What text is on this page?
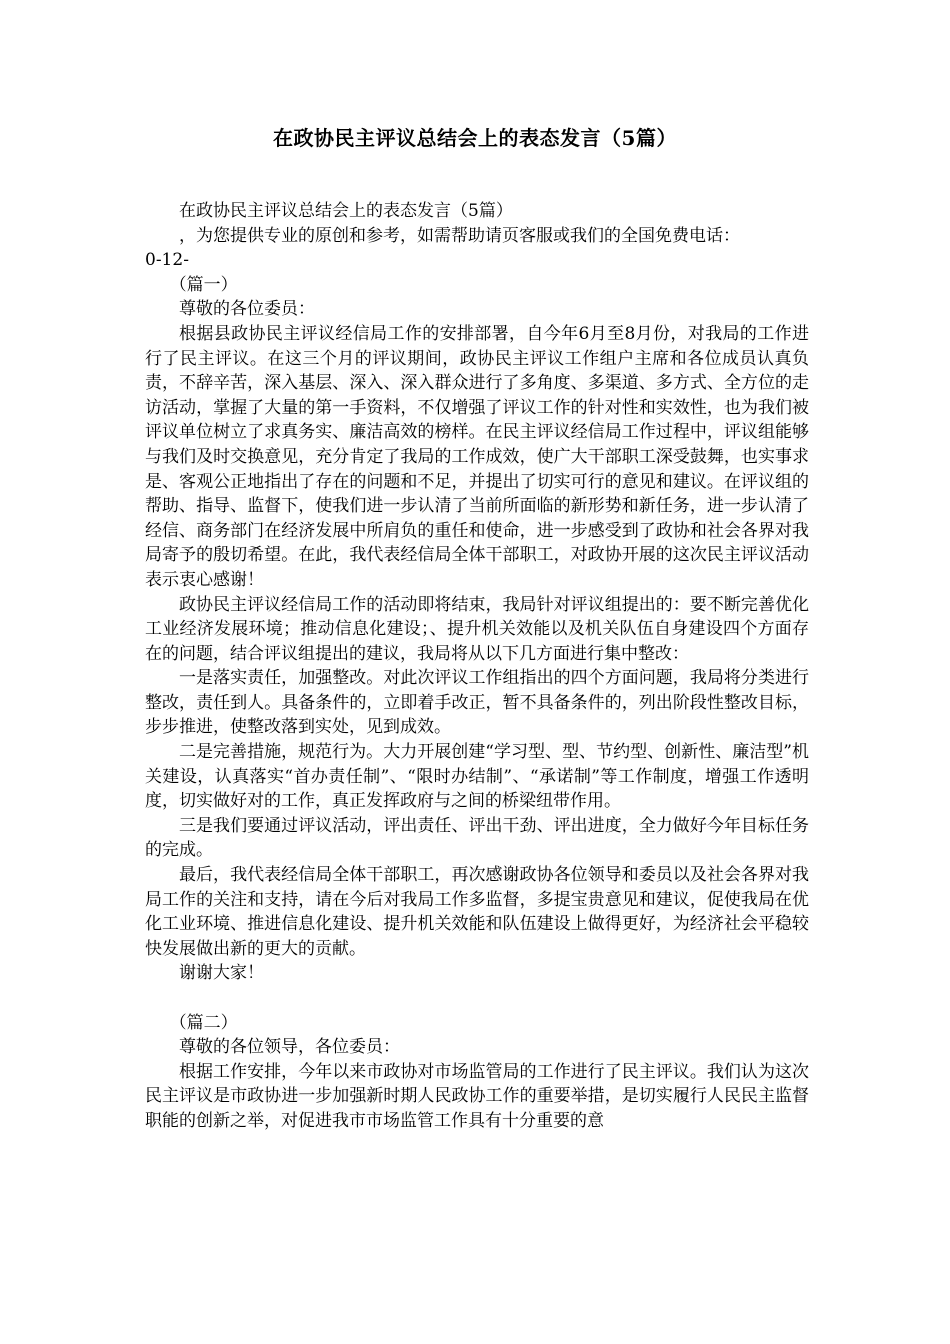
在政协民主评议总结会上的表态发言（5篇）

在政协民主评议总结会上的表态发言（5篇）

，为您提供专业的原创和参考，如需帮助请页客服或我们的全国免费电话：

0-12-

（篇一）

尊敬的各位委员：

根据县政协民主评议经信局工作的安排部署，自今年6月至8月份，对我局的工作进行了民主评议。在这三个月的评议期间，政协民主评议工作组户主席和各位成员认真负责，不辞辛苦，深入基层、深入、深入群众进行了多角度、多渠道、多方式、全方位的走访活动，掌握了大量的第一手资料，不仅增强了评议工作的针对性和实效性，也为我们被评议单位树立了求真务实、廉洁高效的榜样。在民主评议经信局工作过程中，评议组能够与我们及时交换意见，充分肯定了我局的工作成效，使广大干部职工深受鼓舞，也实事求是、客观公正地指出了存在的问题和不足，并提出了切实可行的意见和建议。在评议组的帮助、指导、监督下，使我们进一步认清了当前所面临的新形势和新任务，进一步认清了经信、商务部门在经济发展中所肩负的重任和使命，进一步感受到了政协和社会各界对我局寄予的殷切希望。在此，我代表经信局全体干部职工，对政协开展的这次民主评议活动表示衷心感谢！

政协民主评议经信局工作的活动即将结束，我局针对评议组提出的：要不断完善优化工业经济发展环境；推动信息化建设；、提升机关效能以及机关队伍自身建设四个方面存在的问题，结合评议组提出的建议，我局将从以下几方面进行集中整改：

一是落实责任，加强整改。对此次评议工作组指出的四个方面问题，我局将分类进行整改，责任到人。具备条件的，立即着手改正，暂不具备条件的，列出阶段性整改目标，步步推进，使整改落到实处，见到成效。

二是完善措施，规范行为。大力开展创建“学习型、型、节约型、创新性、廉洁型”机关建设，认真落实“首办责任制”、“限时办结制”、“承诺制”等工作制度，增强工作透明度，切实做好对的工作，真正发挥政府与之间的桥梁纽带作用。

三是我们要通过评议活动，评出责任、评出干劲、评出进度，全力做好今年目标任务的完成。

最后，我代表经信局全体干部职工，再次感谢政协各位领导和委员以及社会各界对我局工作的关注和支持，请在今后对我局工作多监督，多提宝贵意见和建议，促使我局在优化工业环境、推进信息化建设、提升机关效能和队伍建设上做得更好，为经济社会平稳较快发展做出新的更大的贡献。

谢谢大家！

（篇二）

尊敬的各位领导，各位委员：

根据工作安排，今年以来市政协对市场监管局的工作进行了民主评议。我们认为这次民主评议是市政协进一步加强新时期人民政协工作的重要举措，是切实履行人民民主监督职能的创新之举，对促进我市市场监管工作具有十分重要的意
